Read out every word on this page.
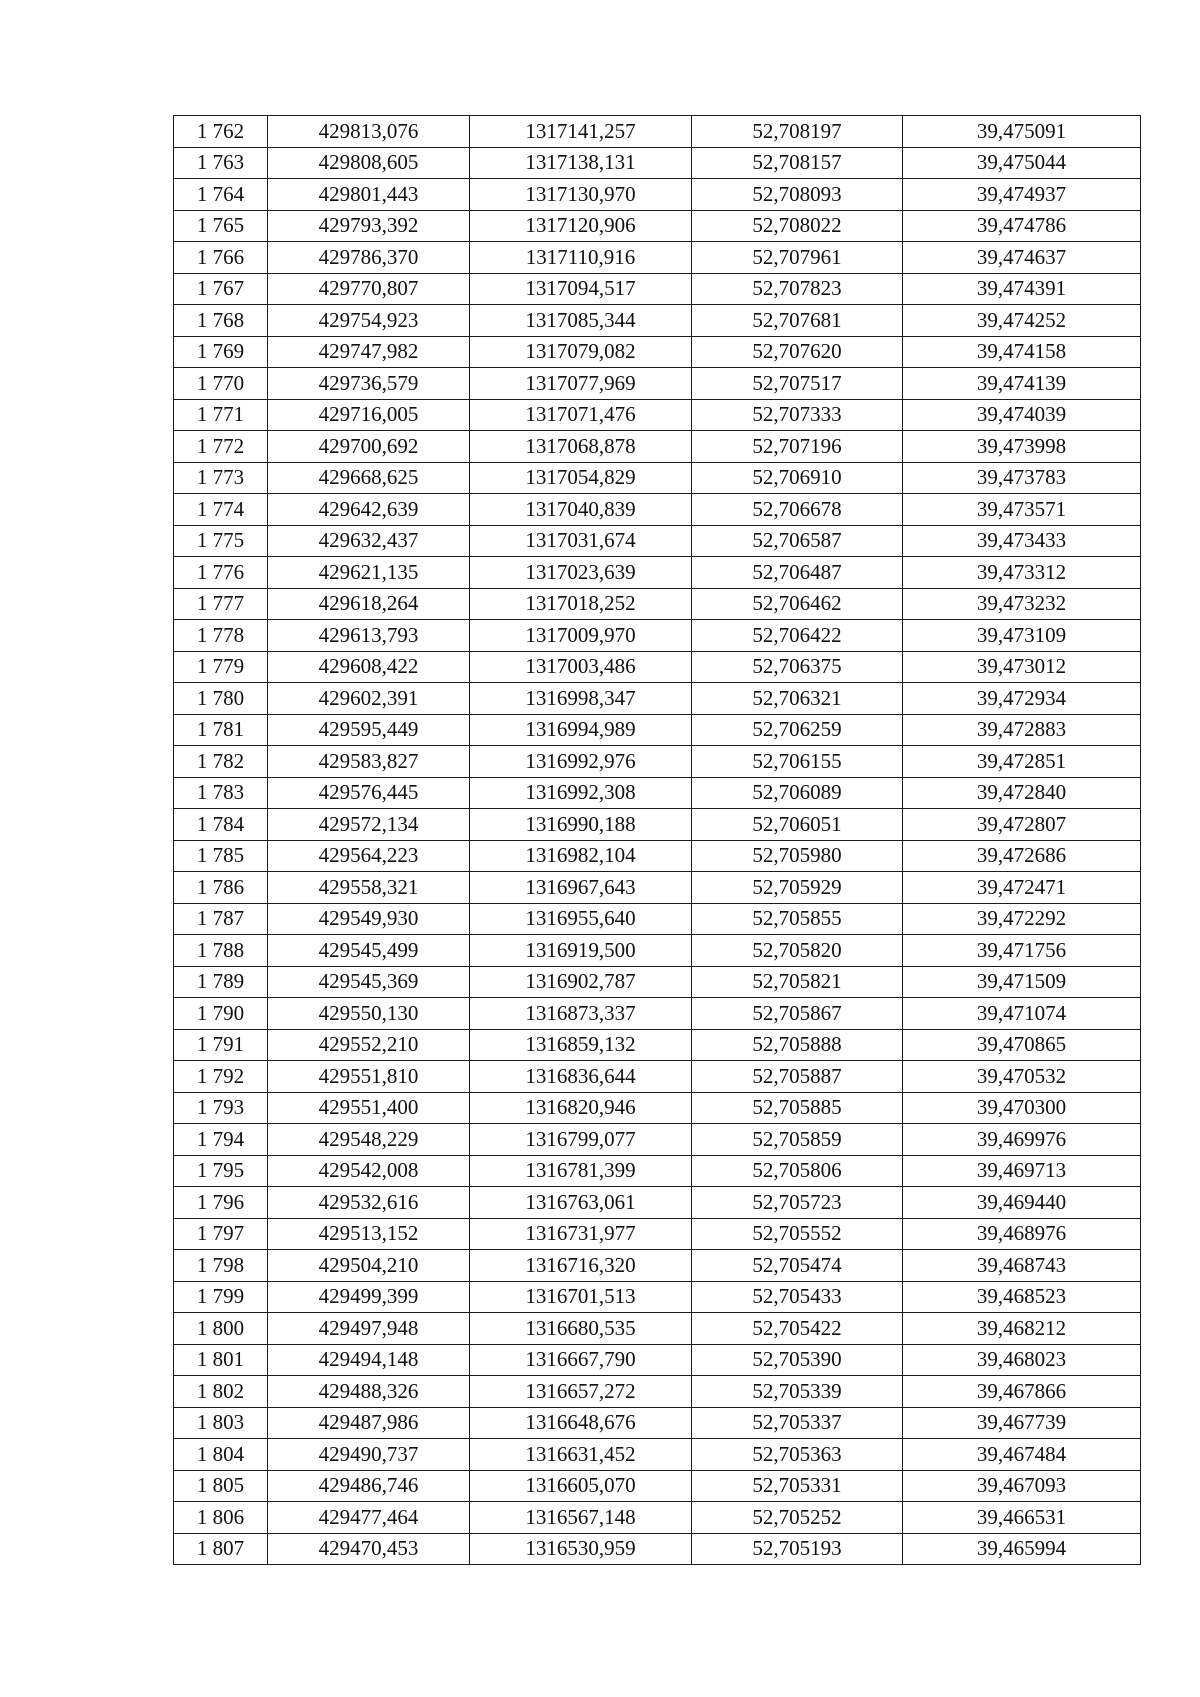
1 762	429813,076	1317141,257	52,708197	39,475091
1 763	429808,605	1317138,131	52,708157	39,475044
1 764	429801,443	1317130,970	52,708093	39,474937
1 765	429793,392	1317120,906	52,708022	39,474786
1 766	429786,370	1317110,916	52,707961	39,474637
1 767	429770,807	1317094,517	52,707823	39,474391
1 768	429754,923	1317085,344	52,707681	39,474252
1 769	429747,982	1317079,082	52,707620	39,474158
1 770	429736,579	1317077,969	52,707517	39,474139
1 771	429716,005	1317071,476	52,707333	39,474039
1 772	429700,692	1317068,878	52,707196	39,473998
1 773	429668,625	1317054,829	52,706910	39,473783
1 774	429642,639	1317040,839	52,706678	39,473571
1 775	429632,437	1317031,674	52,706587	39,473433
1 776	429621,135	1317023,639	52,706487	39,473312
1 777	429618,264	1317018,252	52,706462	39,473232
1 778	429613,793	1317009,970	52,706422	39,473109
1 779	429608,422	1317003,486	52,706375	39,473012
1 780	429602,391	1316998,347	52,706321	39,472934
1 781	429595,449	1316994,989	52,706259	39,472883
1 782	429583,827	1316992,976	52,706155	39,472851
1 783	429576,445	1316992,308	52,706089	39,472840
1 784	429572,134	1316990,188	52,706051	39,472807
1 785	429564,223	1316982,104	52,705980	39,472686
1 786	429558,321	1316967,643	52,705929	39,472471
1 787	429549,930	1316955,640	52,705855	39,472292
1 788	429545,499	1316919,500	52,705820	39,471756
1 789	429545,369	1316902,787	52,705821	39,471509
1 790	429550,130	1316873,337	52,705867	39,471074
1 791	429552,210	1316859,132	52,705888	39,470865
1 792	429551,810	1316836,644	52,705887	39,470532
1 793	429551,400	1316820,946	52,705885	39,470300
1 794	429548,229	1316799,077	52,705859	39,469976
1 795	429542,008	1316781,399	52,705806	39,469713
1 796	429532,616	1316763,061	52,705723	39,469440
1 797	429513,152	1316731,977	52,705552	39,468976
1 798	429504,210	1316716,320	52,705474	39,468743
1 799	429499,399	1316701,513	52,705433	39,468523
1 800	429497,948	1316680,535	52,705422	39,468212
1 801	429494,148	1316667,790	52,705390	39,468023
1 802	429488,326	1316657,272	52,705339	39,467866
1 803	429487,986	1316648,676	52,705337	39,467739
1 804	429490,737	1316631,452	52,705363	39,467484
1 805	429486,746	1316605,070	52,705331	39,467093
1 806	429477,464	1316567,148	52,705252	39,466531
1 807	429470,453	1316530,959	52,705193	39,465994
